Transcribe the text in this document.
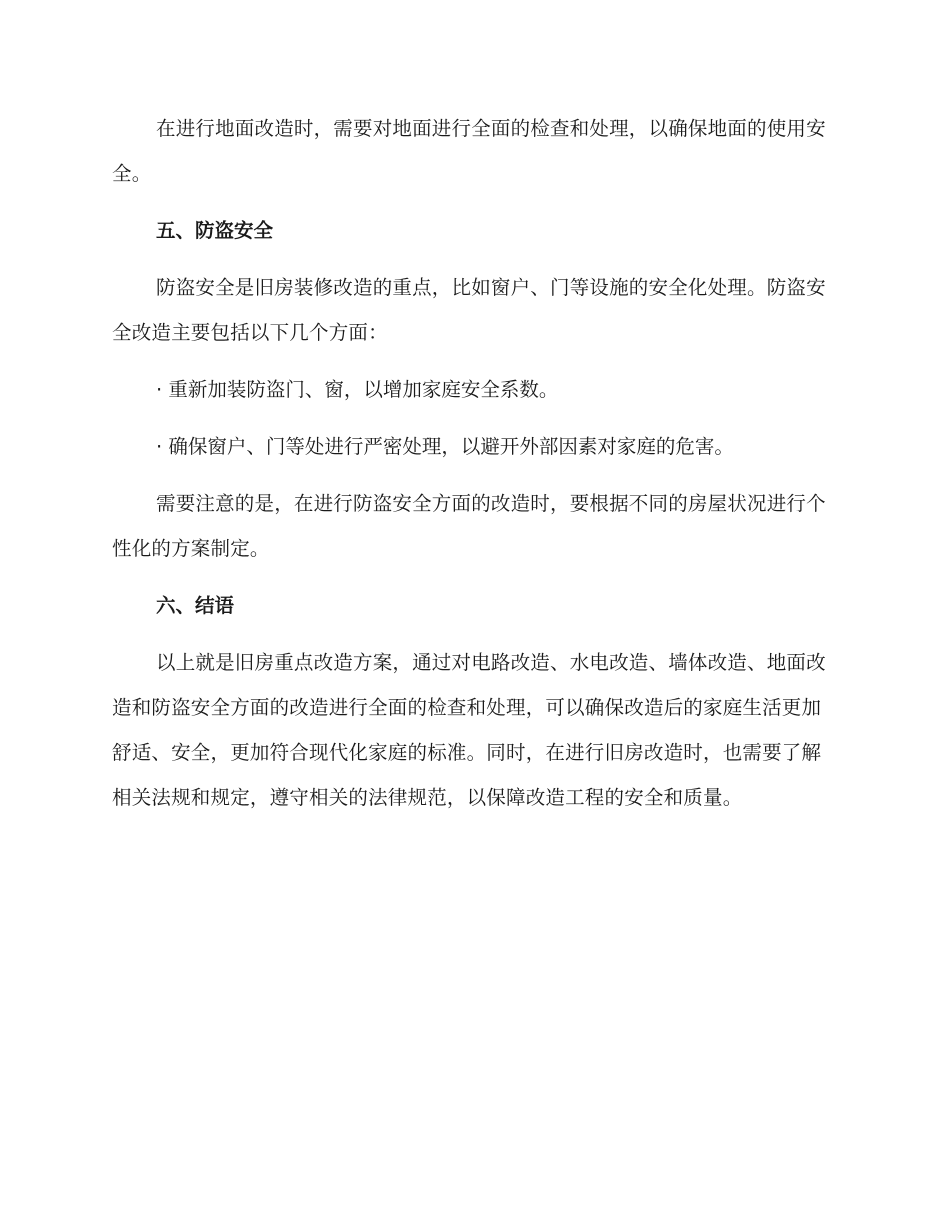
在进行地面改造时，需要对地面进行全面的检查和处理，以确保地面的使用安全。

五、防盗安全

防盗安全是旧房装修改造的重点，比如窗户、门等设施的安全化处理。防盗安全改造主要包括以下几个方面：

· 重新加装防盗门、窗，以增加家庭安全系数。

· 确保窗户、门等处进行严密处理，以避开外部因素对家庭的危害。

需要注意的是，在进行防盗安全方面的改造时，要根据不同的房屋状况进行个性化的方案制定。

六、结语

以上就是旧房重点改造方案，通过对电路改造、水电改造、墙体改造、地面改造和防盗安全方面的改造进行全面的检查和处理，可以确保改造后的家庭生活更加舒适、安全，更加符合现代化家庭的标准。同时，在进行旧房改造时，也需要了解相关法规和规定，遵守相关的法律规范，以保障改造工程的安全和质量。
